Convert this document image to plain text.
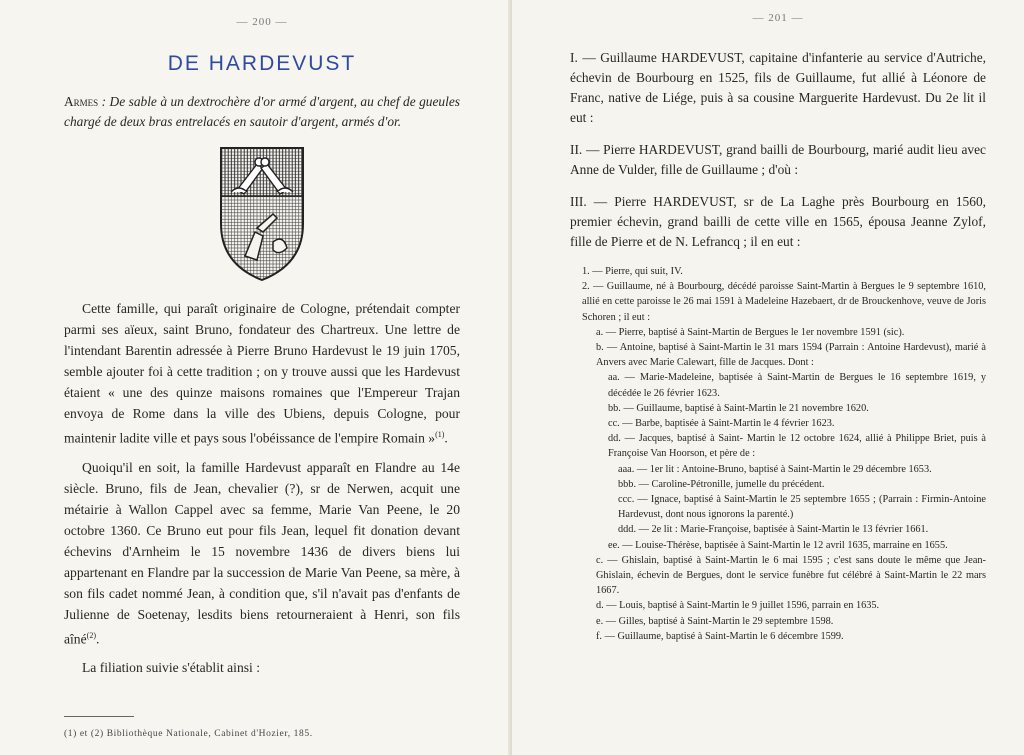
— 200 —
DE HARDEVUST

Armes : De sable à un dextrochère d'or armé d'argent, au chef de gueules chargé de deux bras entrelacés en sautoir d'argent, armés d'or.

Cette famille, qui paraît originaire de Cologne, prétendait compter parmi ses aïeux, saint Bruno, fondateur des Chartreux. Une lettre de l'intendant Barentin adressée à Pierre Bruno Hardevust le 19 juin 1705, semble ajouter foi à cette tradition ; on y trouve aussi que les Hardevust étaient « une des quinze maisons romaines que l'Empereur Trajan envoya de Rome dans la ville des Ubiens, depuis Cologne, pour maintenir ladite ville et pays sous l'obéissance de l'empire Romain »$^{(1)}$.

Quoiqu'il en soit, la famille Hardevust apparaît en Flandre au 14e siècle. Bruno, fils de Jean, chevalier (?), sr de Nerwen, acquit une métairie à Wallon Cappel avec sa femme, Marie Van Peene, le 20 octobre 1360. Ce Bruno eut pour fils Jean, lequel fit donation devant échevins d'Arnheim le 15 novembre 1436 de divers biens lui appartenant en Flandre par la succession de Marie Van Peene, sa mère, à son fils cadet nommé Jean, à condition que, s'il n'avait pas d'enfants de Julienne de Soetenay, lesdits biens retourneraient à Henri, son fils aîné$^{(2)}$.

La filiation suivie s'établit ainsi :

(1) et (2) Bibliothèque Nationale, Cabinet d'Hozier, 185.
— 201 —

I. — Guillaume HARDEVUST, capitaine d'infanterie au service d'Autriche, échevin de Bourbourg en 1525, fils de Guillaume, fut allié à Léonore de Franc, native de Liége, puis à sa cousine Marguerite Hardevust. Du 2e lit il eut :

II. — Pierre HARDEVUST, grand bailli de Bourbourg, marié audit lieu avec Anne de Vulder, fille de Guillaume ; d'où :

III. — Pierre HARDEVUST, sr de La Laghe près Bourbourg en 1560, premier échevin, grand bailli de cette ville en 1565, épousa Jeanne Zylof, fille de Pierre et de N. Lefrancq ; il en eut :

1. — Pierre, qui suit, IV.

2. — Guillaume, né à Bourbourg, décédé paroisse Saint-Martin à Bergues le 9 septembre 1610, allié en cette paroisse le 26 mai 1591 à Madeleine Hazebaert, dr de Brouckenhove, veuve de Joris Schoren ; il eut :

a. — Pierre, baptisé à Saint-Martin de Bergues le 1er novembre 1591 (sic).

b. — Antoine, baptisé à Saint-Martin le 31 mars 1594 (Parrain : Antoine Hardevust), marié à Anvers avec Marie Calewart, fille de Jacques. Dont :

aa. — Marie-Madeleine, baptisée à Saint-Martin de Bergues le 16 septembre 1619, y décédée le 26 février 1623.

bb. — Guillaume, baptisé à Saint-Martin le 21 novembre 1620.

cc. — Barbe, baptisée à Saint-Martin le 4 février 1623.

dd. — Jacques, baptisé à Saint- Martin le 12 octobre 1624, allié à Philippe Briet, puis à Françoise Van Hoorson, et père de :

aaa. — 1er lit : Antoine-Bruno, baptisé à Saint-Martin le 29 décembre 1653.

bbb. — Caroline-Pétronille, jumelle du précédent.

ccc. — Ignace, baptisé à Saint-Martin le 25 septembre 1655 ; (Parrain : Firmin-Antoine Hardevust, dont nous ignorons la parenté.)

ddd. — 2e lit : Marie-Françoise, baptisée à Saint-Martin le 13 février 1661.

ee. — Louise-Thérèse, baptisée à Saint-Martin le 12 avril 1635, marraine en 1655.

c. — Ghislain, baptisé à Saint-Martin le 6 mai 1595 ; c'est sans doute le même que Jean-Ghislain, échevin de Bergues, dont le service funèbre fut célébré à Saint-Martin le 22 mars 1667.

d. — Louis, baptisé à Saint-Martin le 9 juillet 1596, parrain en 1635.

e. — Gilles, baptisé à Saint-Martin le 29 septembre 1598.

f. — Guillaume, baptisé à Saint-Martin le 6 décembre 1599.
